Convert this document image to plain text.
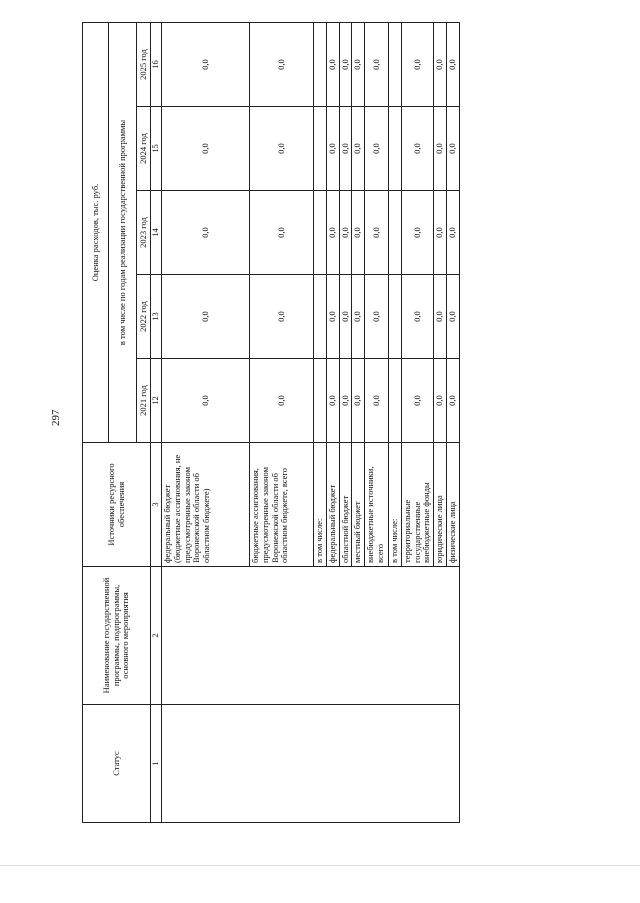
297
Статус	Наименование государственной программы, подпрограммы, основного мероприятия	Источники ресурсного обеспечения	Оценка расходов, тыс. руб.				
			в том числе по годам реализации государственной программы				
			2021 год	2022 год	2023 год	2024 год	2025 год
1	2	3	12	13	14	15	16
		федеральный бюджет (бюджетные ассигнования, не предусмотренные законом Воронежской области об областном бюджете)	0,0	0,0	0,0	0,0	0,0
		бюджетные ассигнования, предусмотренные законом Воронежской области об областном бюджете, всего	0,0	0,0	0,0	0,0	0,0
		в том числе:					
		федеральный бюджет	0,0	0,0	0,0	0,0	0,0
		областной бюджет	0,0	0,0	0,0	0,0	0,0
		местный бюджет	0,0	0,0	0,0	0,0	0,0
		внебюджетные источники, всего	0,0	0,0	0,0	0,0	0,0
		в том числе:					
		территориальные государственные внебюджетные фонды	0,0	0,0	0,0	0,0	0,0
		юридические лица	0,0	0,0	0,0	0,0	0,0
		физические лица	0,0	0,0	0,0	0,0	0,0
